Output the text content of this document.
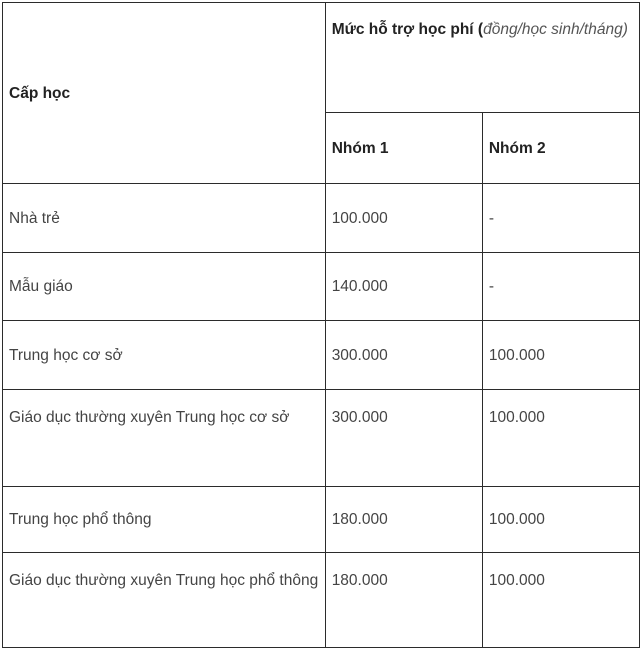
Cấp học	Mức hỗ trợ học phí (đồng/học sinh/tháng)	
	Nhóm 1	Nhóm 2
Nhà trẻ	100.000	-
Mẫu giáo	140.000	-
Trung học cơ sở	300.000	100.000
Giáo dục thường xuyên Trung học cơ sở	300.000	100.000
Trung học phổ thông	180.000	100.000
Giáo dục thường xuyên Trung học phổ thông	180.000	100.000
